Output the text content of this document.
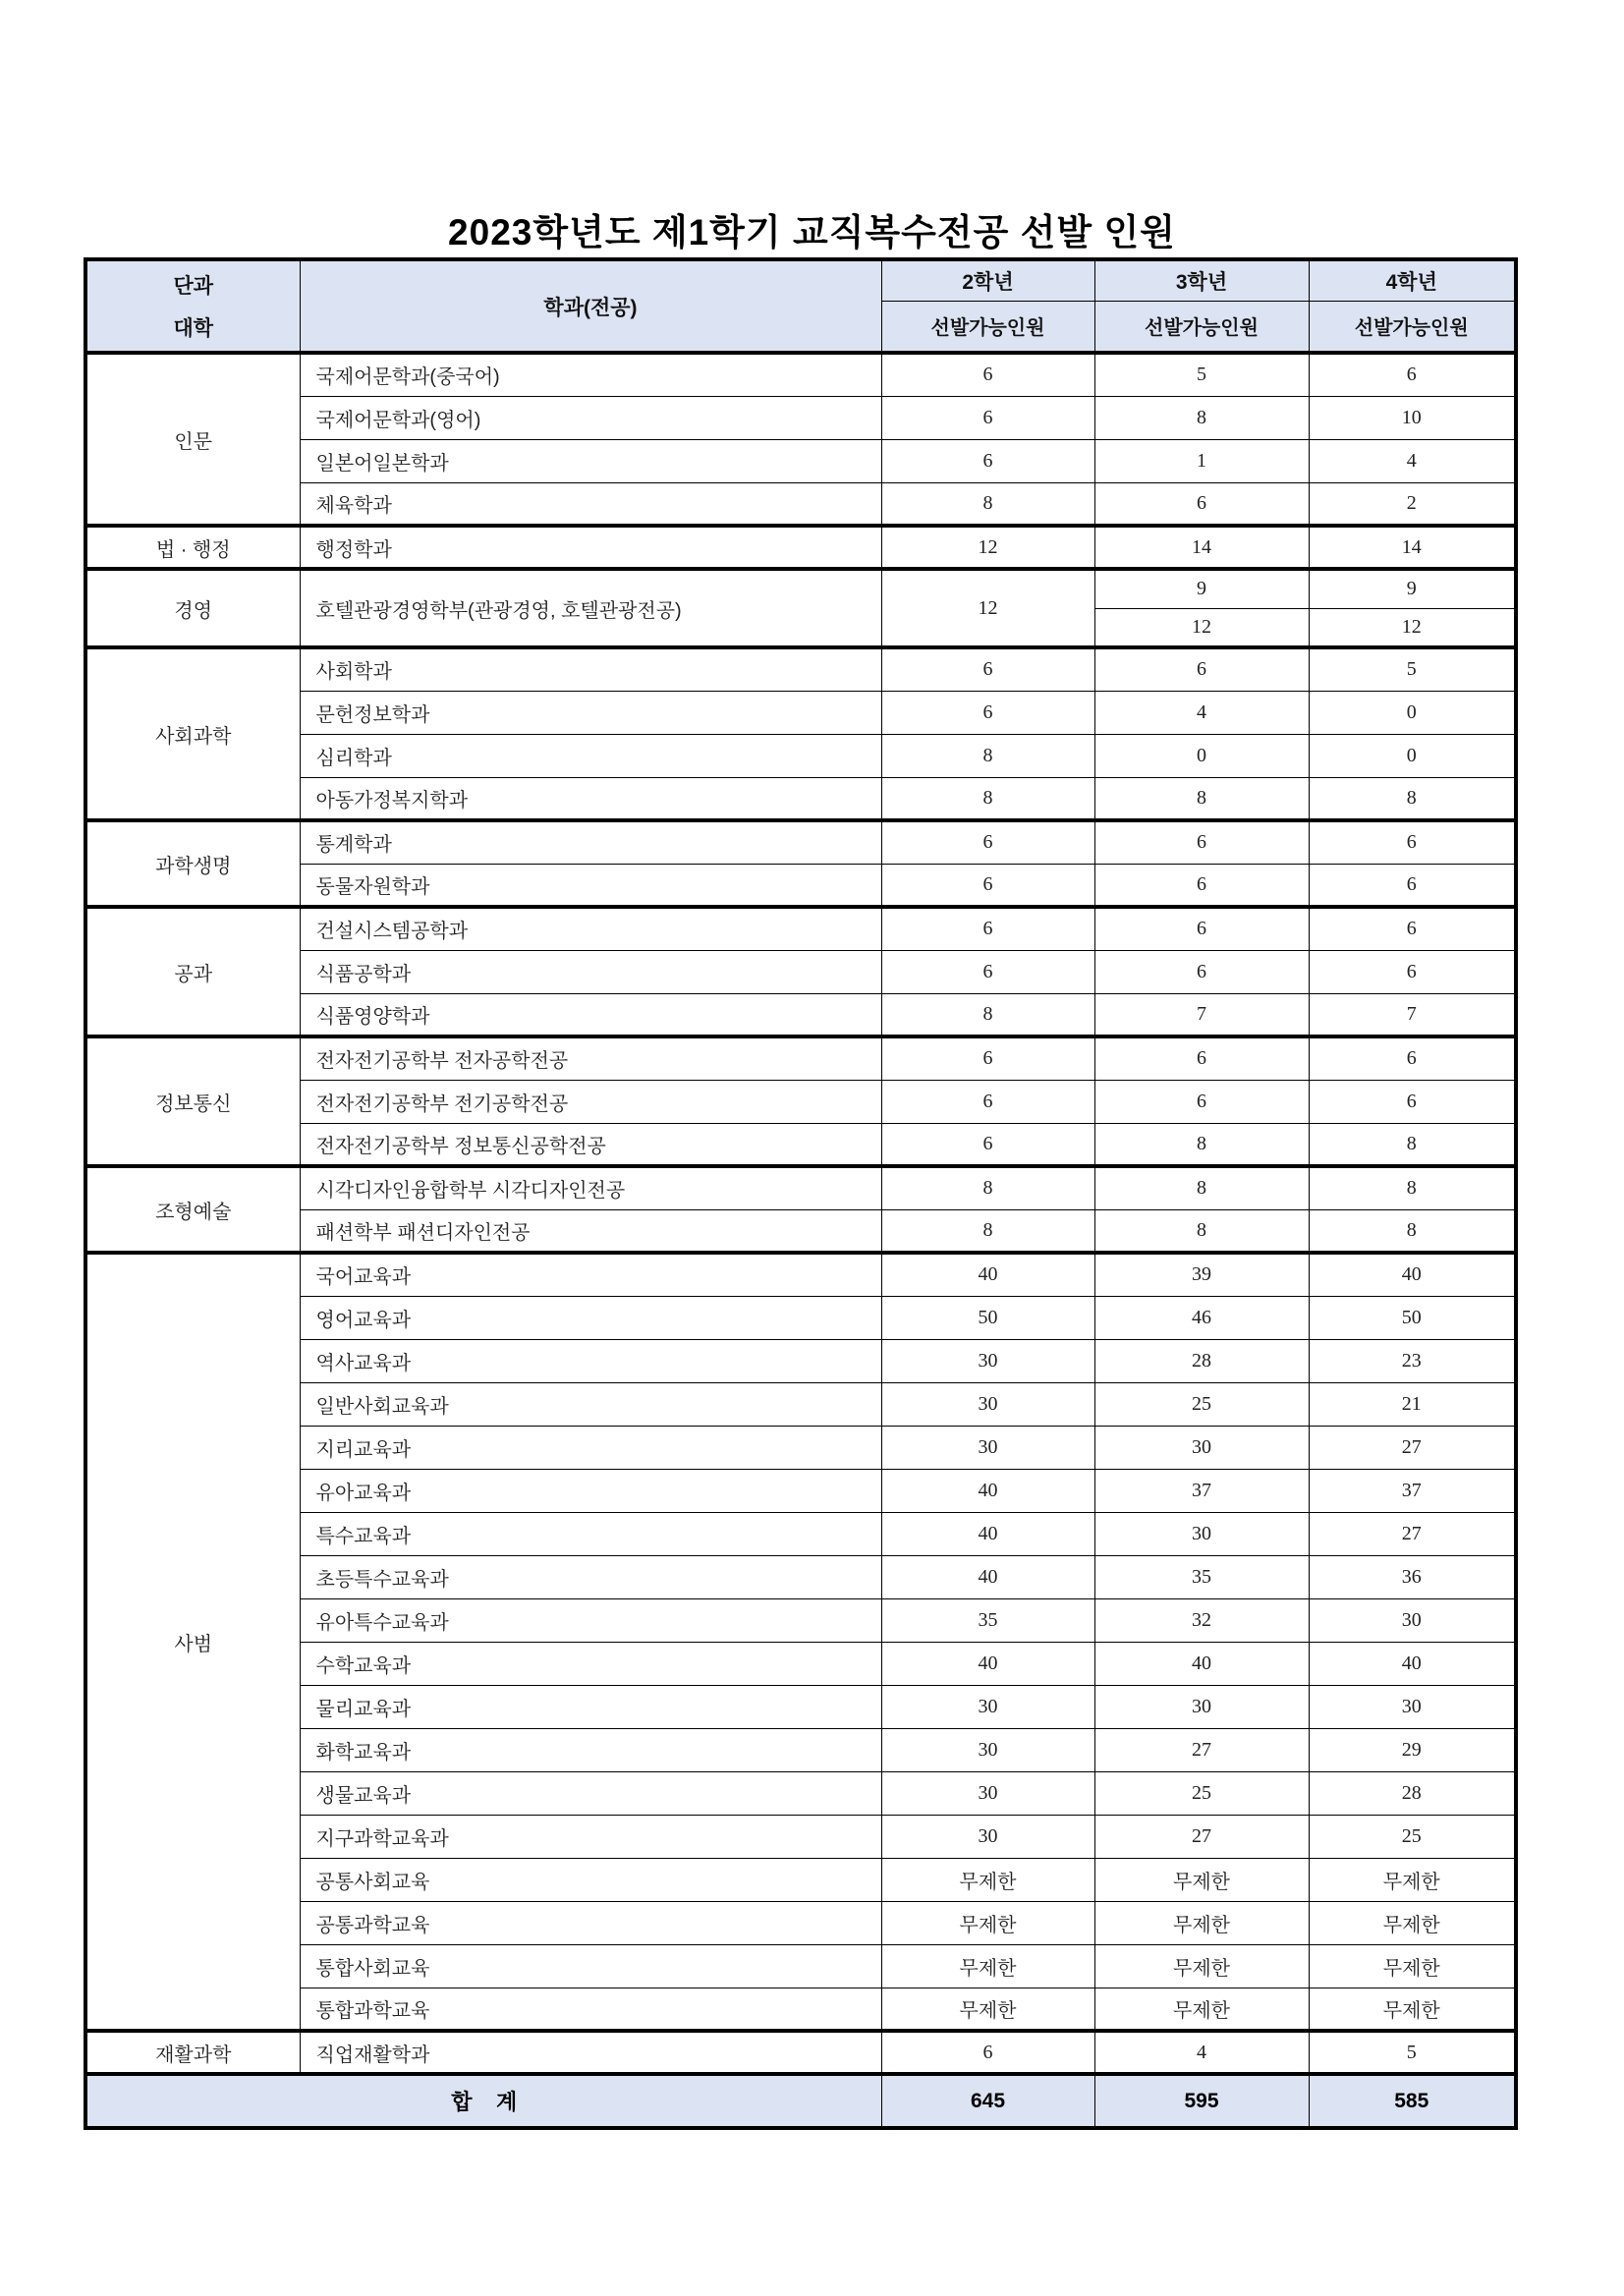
2023학년도 제1학기 교직복수전공 선발 인원
단과
대학	학과(전공)	2학년	3학년	4학년
		선발가능인원	선발가능인원	선발가능인원
인문	국제어문학과(중국어)	6	5	6
	국제어문학과(영어)	6	8	10
	일본어일본학과	6	1	4
	체육학과	8	6	2
법 · 행정	행정학과	12	14	14
경영	호텔관광경영학부(관광경영, 호텔관광전공)	12	9	9
			12	12
사회과학	사회학과	6	6	5
	문헌정보학과	6	4	0
	심리학과	8	0	0
	아동가정복지학과	8	8	8
과학생명	통계학과	6	6	6
	동물자원학과	6	6	6
공과	건설시스템공학과	6	6	6
	식품공학과	6	6	6
	식품영양학과	8	7	7
정보통신	전자전기공학부 전자공학전공	6	6	6
	전자전기공학부 전기공학전공	6	6	6
	전자전기공학부 정보통신공학전공	6	8	8
조형예술	시각디자인융합학부 시각디자인전공	8	8	8
	패션학부 패션디자인전공	8	8	8
사범	국어교육과	40	39	40
	영어교육과	50	46	50
	역사교육과	30	28	23
	일반사회교육과	30	25	21
	지리교육과	30	30	27
	유아교육과	40	37	37
	특수교육과	40	30	27
	초등특수교육과	40	35	36
	유아특수교육과	35	32	30
	수학교육과	40	40	40
	물리교육과	30	30	30
	화학교육과	30	27	29
	생물교육과	30	25	28
	지구과학교육과	30	27	25
	공통사회교육	무제한	무제한	무제한
	공통과학교육	무제한	무제한	무제한
	통합사회교육	무제한	무제한	무제한
	통합과학교육	무제한	무제한	무제한
재활과학	직업재활학과	6	4	5
합    계		645	595	585
